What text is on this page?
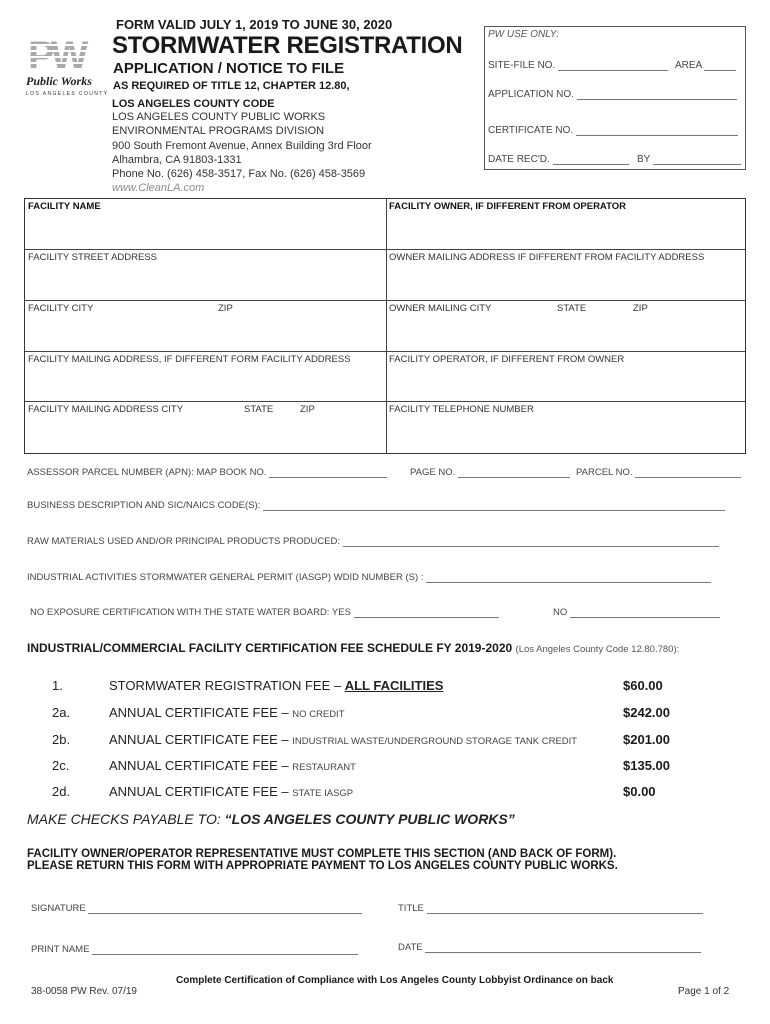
Public Works
LOS ANGELES COUNTY
FORM VALID JULY 1, 2019 TO JUNE 30, 2020
STORMWATER REGISTRATION
APPLICATION / NOTICE TO FILE
AS REQUIRED OF TITLE 12, CHAPTER 12.80,
LOS ANGELES COUNTY CODE
LOS ANGELES COUNTY PUBLIC WORKS
ENVIRONMENTAL PROGRAMS DIVISION
900 South Fremont Avenue, Annex Building 3rd Floor
Alhambra, CA 91803-1331
Phone No. (626) 458-3517, Fax No. (626) 458-3569
www.CleanLA.com
PW USE ONLY:
SITE-FILE NO.	AREA
APPLICATION NO.
CERTIFICATE NO.
DATE REC'D.	BY
FACILITY NAME	FACILITY OWNER, IF DIFFERENT FROM OPERATOR
FACILITY STREET ADDRESS	OWNER MAILING ADDRESS IF DIFFERENT FROM FACILITY ADDRESS
FACILITY CITY	ZIP	OWNER MAILING CITY	STATE	ZIP
FACILITY MAILING ADDRESS, IF DIFFERENT FORM FACILITY ADDRESS	FACILITY OPERATOR, IF DIFFERENT FROM OWNER
FACILITY MAILING ADDRESS CITY	STATE	ZIP	FACILITY TELEPHONE NUMBER
ASSESSOR PARCEL NUMBER (APN): MAP BOOK NO.	PAGE NO.	PARCEL NO.
BUSINESS DESCRIPTION AND SIC/NAICS CODE(S):
RAW MATERIALS USED AND/OR PRINCIPAL PRODUCTS PRODUCED:
INDUSTRIAL ACTIVITIES STORMWATER GENERAL PERMIT (IASGP) WDID NUMBER (S) :
NO EXPOSURE CERTIFICATION WITH THE STATE WATER BOARD: YES	NO
INDUSTRIAL/COMMERCIAL FACILITY CERTIFICATION FEE SCHEDULE FY 2019-2020 (Los Angeles County Code 12.80.780):
1.	STORMWATER REGISTRATION FEE – ALL FACILITIES	$60.00
2a.	ANNUAL CERTIFICATE FEE – NO CREDIT	$242.00
2b.	ANNUAL CERTIFICATE FEE – INDUSTRIAL WASTE/UNDERGROUND STORAGE TANK CREDIT	$201.00
2c.	ANNUAL CERTIFICATE FEE – RESTAURANT	$135.00
2d.	ANNUAL CERTIFICATE FEE – STATE IASGP	$0.00
MAKE CHECKS PAYABLE TO: “LOS ANGELES COUNTY PUBLIC WORKS”
FACILITY OWNER/OPERATOR REPRESENTATIVE MUST COMPLETE THIS SECTION (AND BACK OF FORM).
PLEASE RETURN THIS FORM WITH APPROPRIATE PAYMENT TO LOS ANGELES COUNTY PUBLIC WORKS.
SIGNATURE	TITLE
PRINT NAME	DATE
Complete Certification of Compliance with Los Angeles County Lobbyist Ordinance on back
38-0058 PW Rev. 07/19	Page 1 of 2
